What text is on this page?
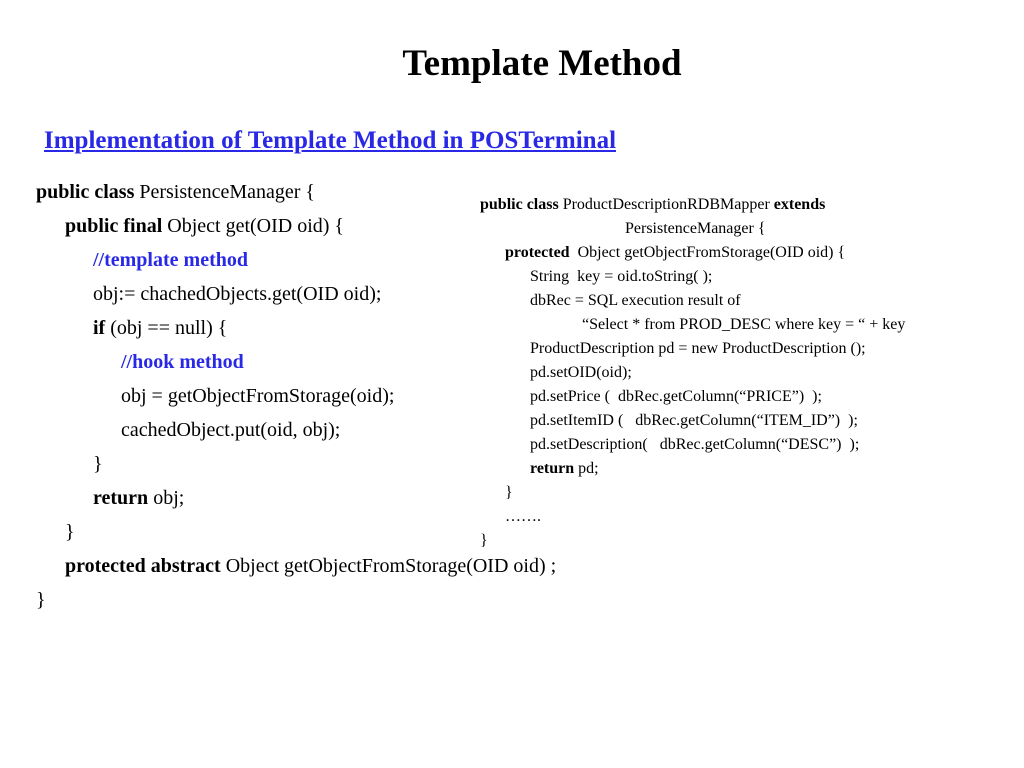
Template Method
Implementation of Template Method in POSTerminal

public class PersistenceManager {

public final Object get(OID oid) {

//template method

obj:= chachedObjects.get(OID oid);

if (obj == null) {

//hook method

obj = getObjectFromStorage(oid);

cachedObject.put(oid, obj);

}

return obj;

}

protected abstract Object getObjectFromStorage(OID oid) ;

}

public class ProductDescriptionRDBMapper extends

PersistenceManager {

protected  Object getObjectFromStorage(OID oid) {

String  key = oid.toString( );

dbRec = SQL execution result of

“Select * from PROD_DESC where key = “ + key

ProductDescription pd = new ProductDescription ();

pd.setOID(oid);

pd.setPrice (  dbRec.getColumn(“PRICE”)  );

pd.setItemID (   dbRec.getColumn(“ITEM_ID”)  );

pd.setDescription(   dbRec.getColumn(“DESC”)  );

return pd;

}

…….

}
